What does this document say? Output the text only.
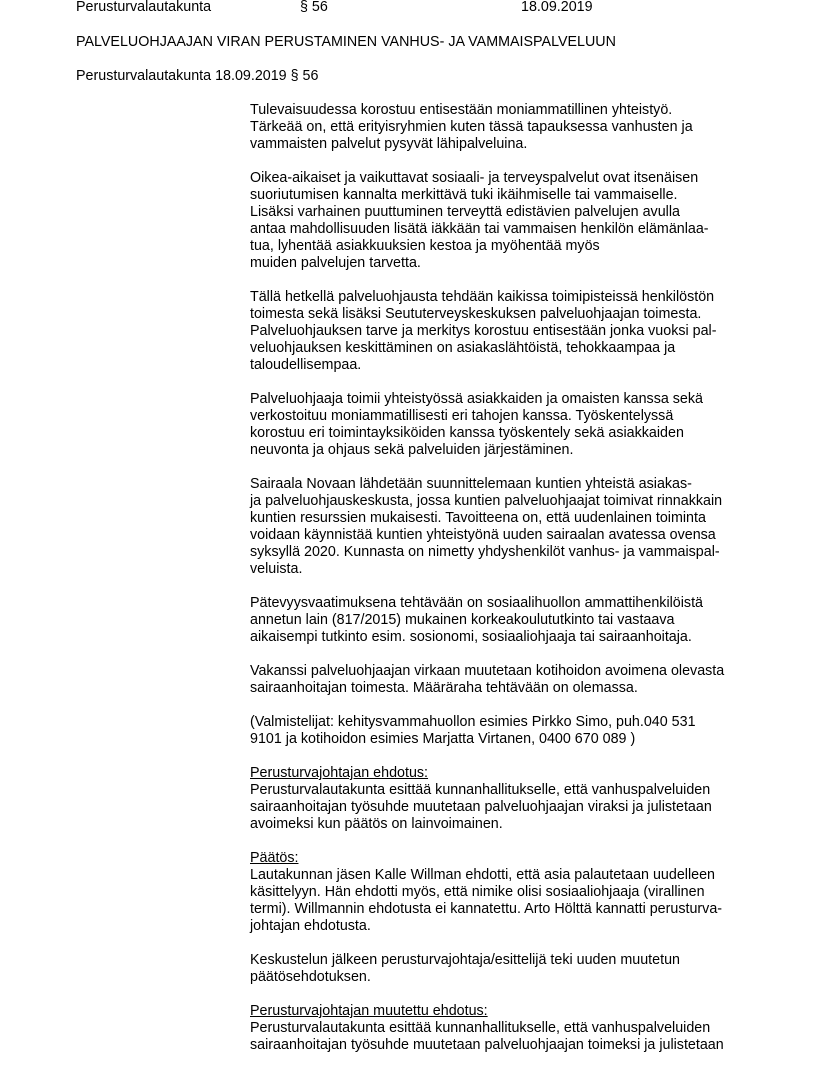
Perusturvalautakunta	§ 56	18.09.2019
PALVELUOHJAAJAN VIRAN PERUSTAMINEN VANHUS- JA VAMMAISPALVELUUN
Perusturvalautakunta 18.09.2019 § 56
Tulevaisuudessa korostuu entisestään moniammatillinen yhteistyö.
Tärkeää on, että erityisryhmien kuten tässä tapauksessa vanhusten ja
vammaisten palvelut pysyvät lähipalveluina.
Oikea-aikaiset ja vaikuttavat sosiaali- ja terveyspalvelut ovat itsenäisen
suoriutumisen kannalta merkittävä tuki ikäihmiselle tai vammaiselle.
Lisäksi varhainen puuttuminen terveyttä edistävien palvelujen avulla
antaa mahdollisuuden lisätä iäkkään tai vammaisen henkilön elämänlaa-
tua, lyhentää asiakkuuksien kestoa ja myöhentää myös
muiden palvelujen tarvetta.
Tällä hetkellä palveluohjausta tehdään kaikissa toimipisteissä henkilöstön
toimesta sekä lisäksi Seututerveyskeskuksen palveluohjaajan toimesta.
Palveluohjauksen tarve ja merkitys korostuu entisestään jonka vuoksi pal-
veluohjauksen keskittäminen on asiakaslähtöistä, tehokkaampaa ja
taloudellisempaa.
Palveluohjaaja toimii yhteistyössä asiakkaiden ja omaisten kanssa sekä
verkostoituu moniammatillisesti eri tahojen kanssa. Työskentelyssä
korostuu eri toimintayksiköiden kanssa työskentely sekä asiakkaiden
neuvonta ja ohjaus sekä palveluiden järjestäminen.
Sairaala Novaan lähdetään suunnittelemaan kuntien yhteistä asiakas-
ja palveluohjauskeskusta, jossa kuntien palveluohjaajat toimivat rinnakkain
kuntien resurssien mukaisesti. Tavoitteena on, että uudenlainen toiminta
voidaan käynnistää kuntien yhteistyönä uuden sairaalan avatessa ovensa
syksyllä 2020. Kunnasta on nimetty yhdyshenkilöt vanhus- ja vammaispal-
veluista.
Pätevyysvaatimuksena tehtävään on sosiaalihuollon ammattihenkilöistä
annetun lain (817/2015) mukainen korkeakoulututkinto tai vastaava
aikaisempi tutkinto esim. sosionomi, sosiaaliohjaaja tai sairaanhoitaja.
Vakanssi palveluohjaajan virkaan muutetaan kotihoidon avoimena olevasta
sairaanhoitajan toimesta. Määräraha tehtävään on olemassa.
(Valmistelijat: kehitysvammahuollon esimies Pirkko Simo, puh.040 531
9101 ja kotihoidon esimies Marjatta Virtanen, 0400 670 089 )
Perusturvajohtajan ehdotus:
Perusturvalautakunta esittää kunnanhallitukselle, että vanhuspalveluiden
sairaanhoitajan työsuhde muutetaan palveluohjaajan viraksi ja julistetaan
avoimeksi kun päätös on lainvoimainen.
Päätös:
Lautakunnan jäsen Kalle Willman ehdotti, että asia palautetaan uudelleen
käsittelyyn. Hän ehdotti myös, että nimike olisi sosiaaliohjaaja (virallinen
termi). Willmannin ehdotusta ei kannatettu. Arto Hölttä kannatti perusturva-
johtajan ehdotusta.
Keskustelun jälkeen perusturvajohtaja/esittelijä teki uuden muutetun
päätösehdotuksen.
Perusturvajohtajan muutettu ehdotus:
Perusturvalautakunta esittää kunnanhallitukselle, että vanhuspalveluiden
sairaanhoitajan työsuhde muutetaan palveluohjaajan toimeksi ja julistetaan
